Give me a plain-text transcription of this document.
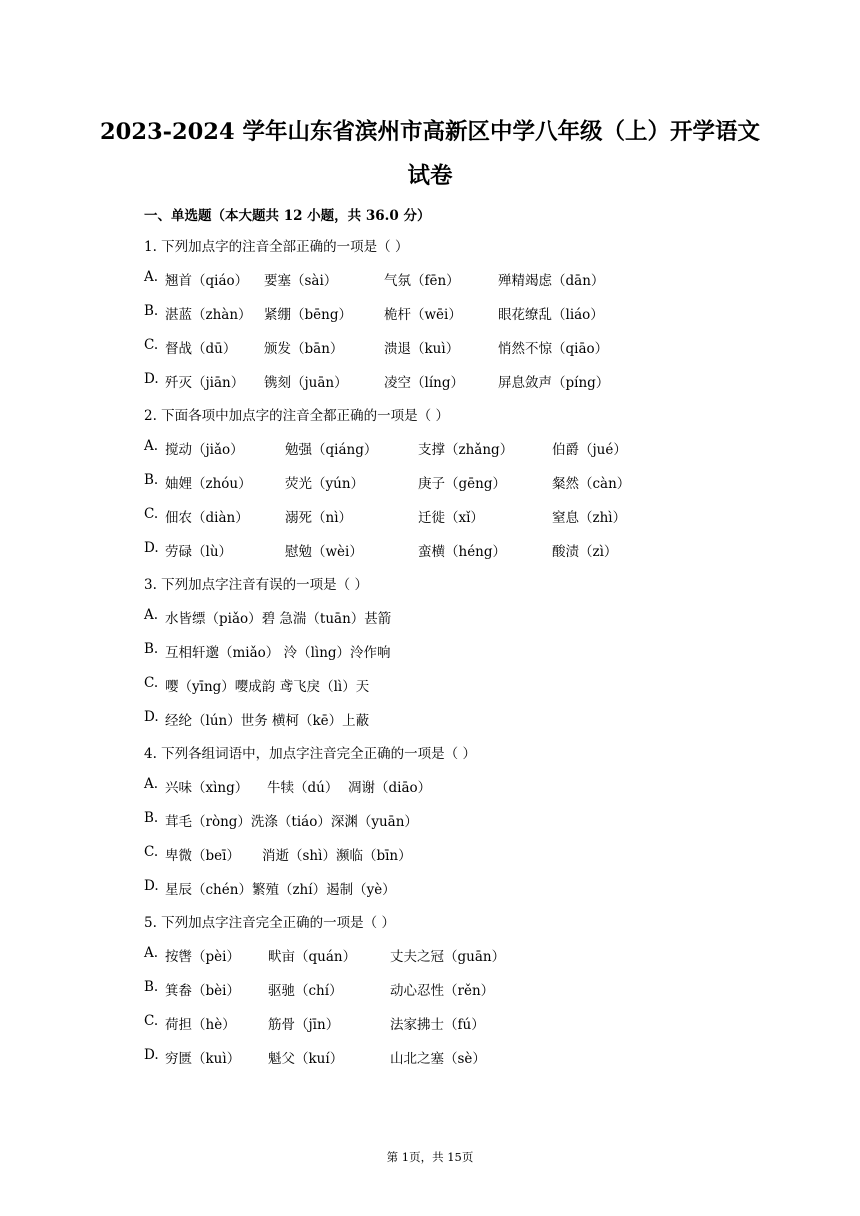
2023-2024 学年山东省滨州市高新区中学八年级（上）开学语文
试卷
一、单选题（本大题共 12 小题，共 36.0 分）
1. 下列加点字的注音全部正确的一项是（ ）
A. 翘首（qiáo） 要塞（sài）	气氛（fēn）	殚精竭虑（dān）
B. 湛蓝（zhàn） 紧绷（bēng） 桅杆（wēi）	眼花缭乱（liáo）
C. 督战（dū） 颁发（bān）	溃退（kuì）	悄然不惊（qiāo）
D. 歼灭（jiān） 镌刻（juān）	凌空（líng）	屏息敛声（píng）
2. 下面各项中加点字的注音全都正确的一项是（ ）
A. 搅动（jiǎo）	勉强（qiáng）	支撑（zhǎng）	伯爵（jué）
B. 妯娌（zhóu） 荧光（yún）	庚子（gēng）	粲然（càn）
C. 佃农（diàn）	溺死（nì）	迁徙（xǐ）	窒息（zhì）
D. 劳碌（lù）	慰勉（wèi）	蛮横（héng）	酸渍（zì）
3. 下列加点字注音有误的一项是（ ）
A. 水皆缥（piǎo）碧 急湍（tuān）甚箭
B. 互相轩邈（miǎo） 泠（lìng）泠作响
C. 嘤（yīng）嘤成韵 鸢飞戾（lì）天
D. 经纶（lún）世务 横柯（kē）上蔽
4. 下列各组词语中，加点字注音完全正确的一项是（ ）
A. 兴味（xìng） 牛犊（dú） 凋谢（diāo）
B. 茸毛（ròng）洗涤（tiáo）深渊（yuān）
C. 卑微（beī） 消逝（shì）濒临（bīn）
D. 星辰（chén）繁殖（zhí）遏制（yè）
5. 下列加点字注音完全正确的一项是（ ）
A. 按辔（pèi） 畎亩（quán）	丈夫之冠（guān）
B. 箕畚（bèi） 驱驰（chí）	动心忍性（rěn）
C. 荷担（hè） 筋骨（jīn）	法家拂士（fú）
D. 穷匮（kuì） 魁父（kuí）	山北之塞（sè）
第 1页，共 15页
